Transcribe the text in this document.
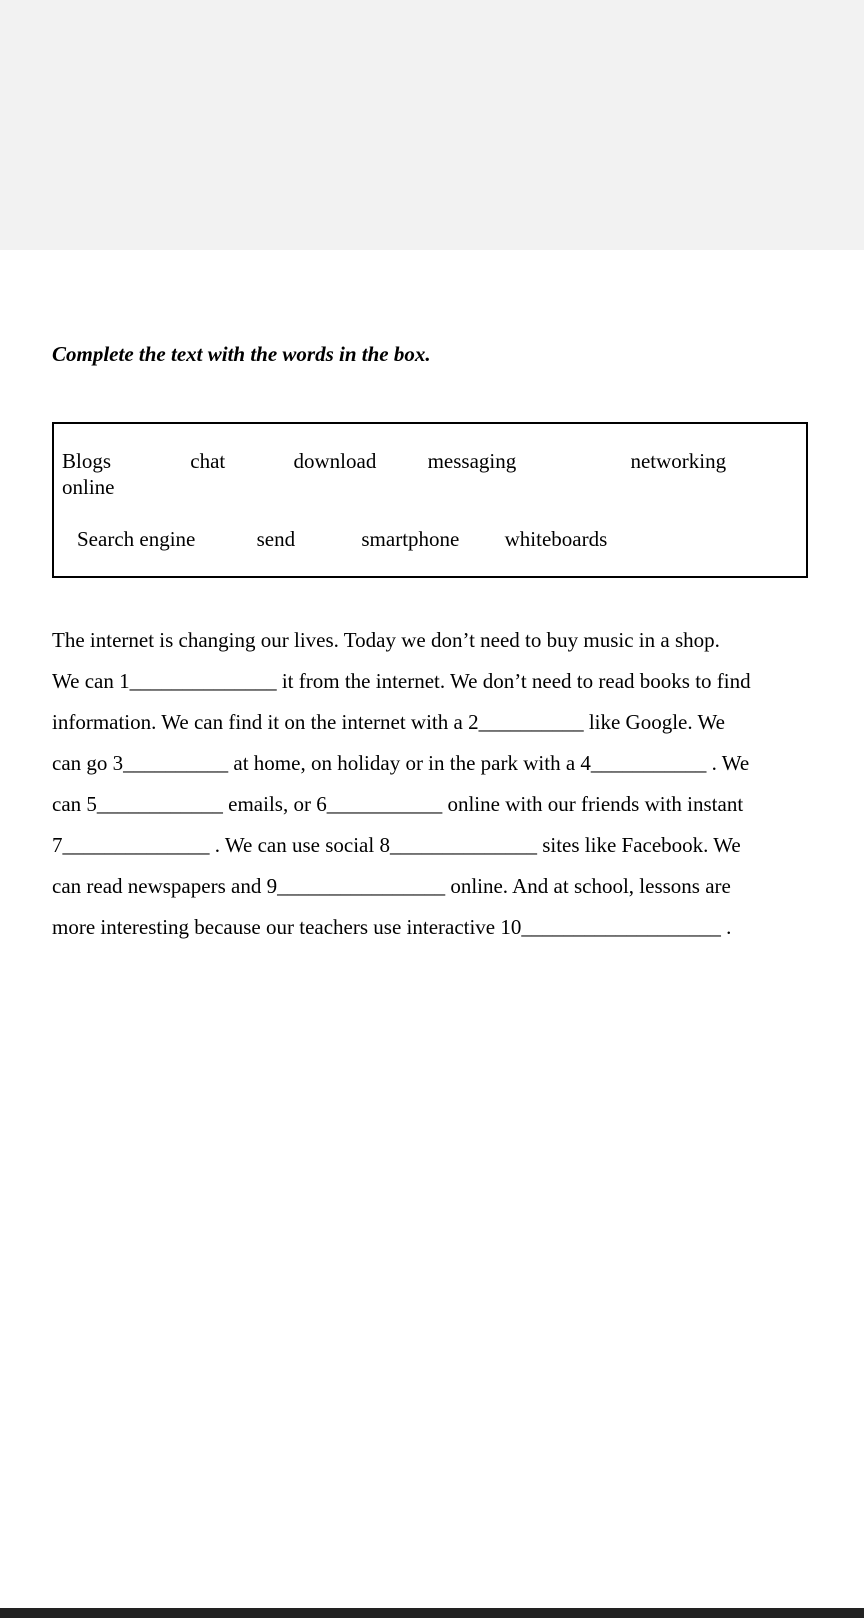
Complete the text with the words in the box.
Blogs	chat	download messaging	networking
online
Search engine	send	smartphone whiteboards
The internet is changing our lives. Today we don’t need to buy music in a shop.
We can 1______________ it from the internet. We don’t need to read books to find
information. We can find it on the internet with a 2__________ like Google. We
can go 3__________ at home, on holiday or in the park with a 4___________ . We
can 5____________ emails, or 6___________ online with our friends with instant
7______________ . We can use social 8______________ sites like Facebook. We
can read newspapers and 9________________ online. And at school, lessons are
more interesting because our teachers use interactive 10___________________ .
